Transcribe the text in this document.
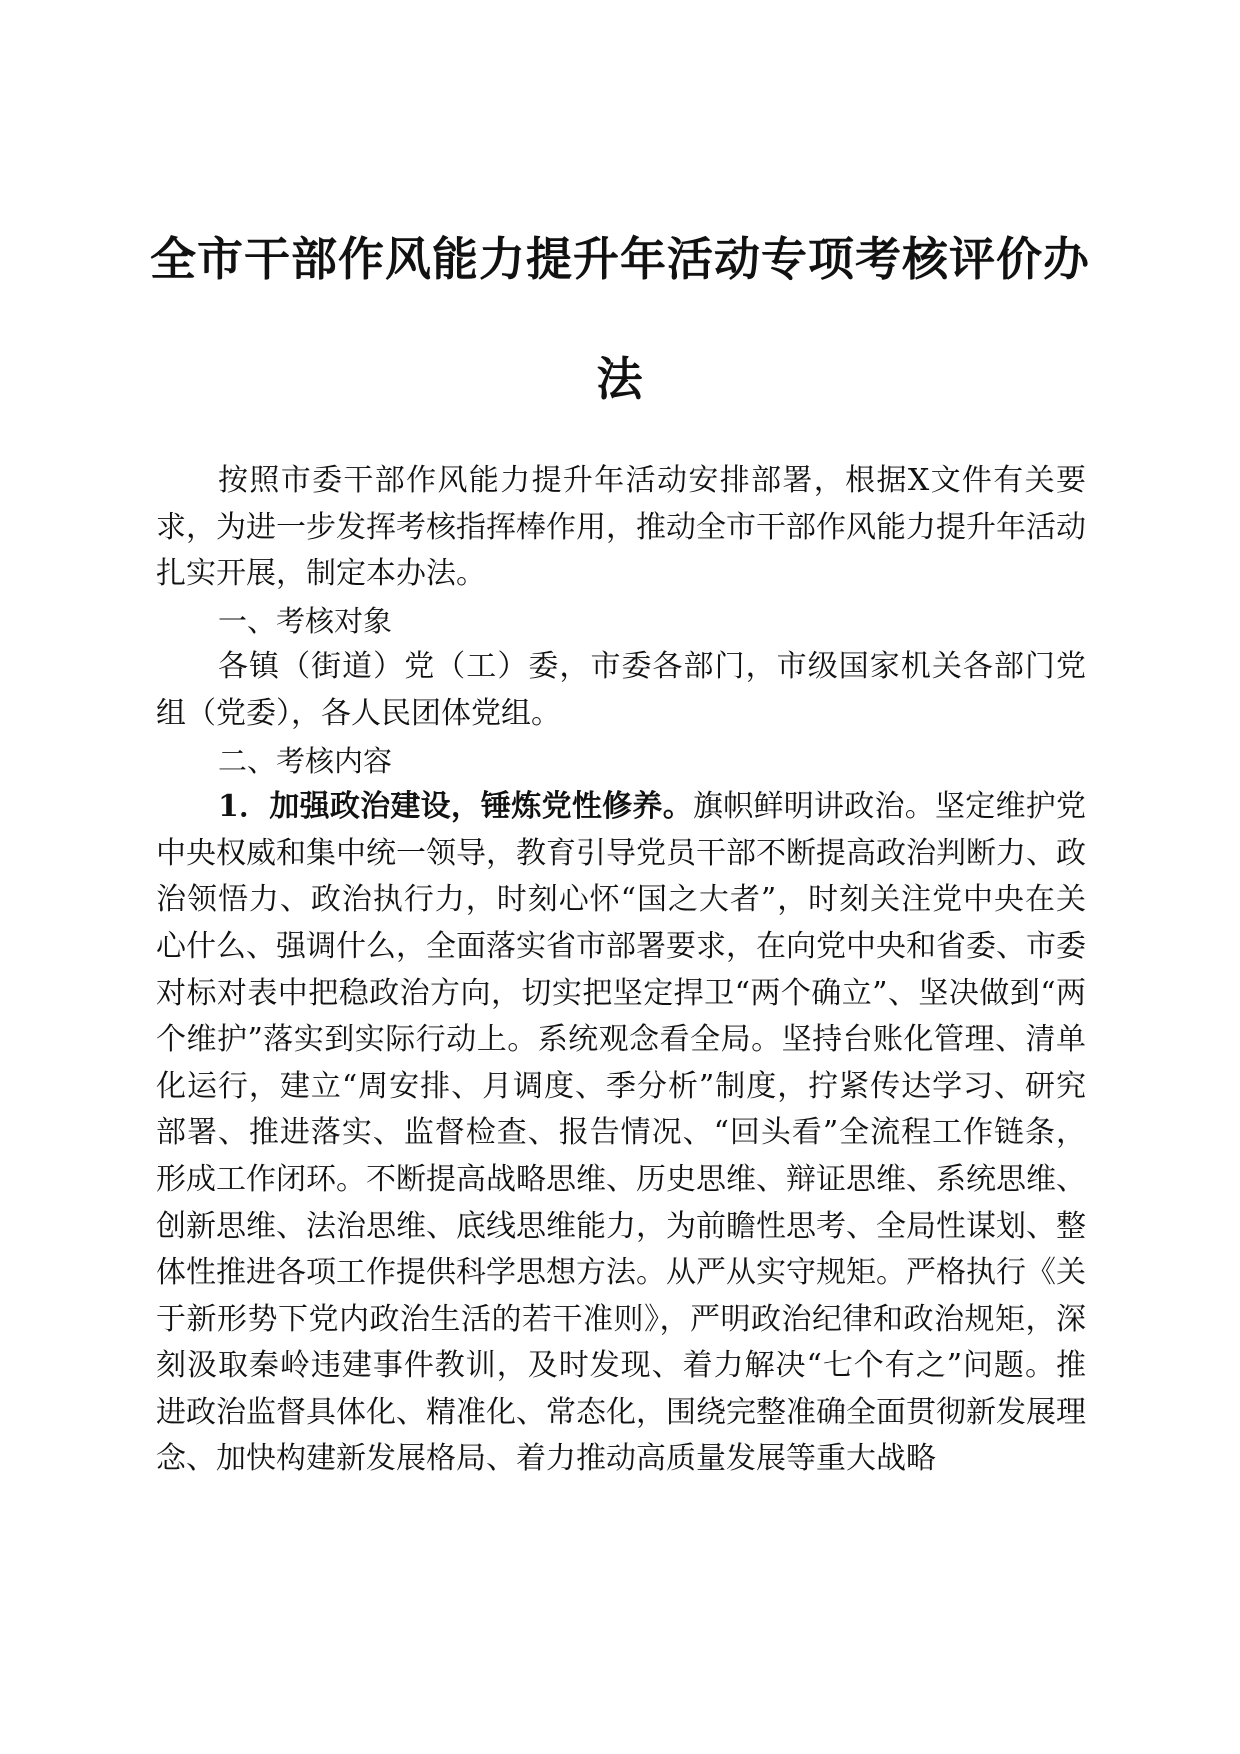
全市干部作风能力提升年活动专项考核评价办
法

按照市委干部作风能力提升年活动安排部署，根据X文件有关要求，为进一步发挥考核指挥棒作用，推动全市干部作风能力提升年活动扎实开展，制定本办法。

一、考核对象

各镇（街道）党（工）委，市委各部门，市级国家机关各部门党组（党委），各人民团体党组。

二、考核内容

1．加强政治建设，锤炼党性修养。旗帜鲜明讲政治。坚定维护党中央权威和集中统一领导，教育引导党员干部不断提高政治判断力、政治领悟力、政治执行力，时刻心怀“国之大者”，时刻关注党中央在关心什么、强调什么，全面落实省市部署要求，在向党中央和省委、市委对标对表中把稳政治方向，切实把坚定捍卫“两个确立”、坚决做到“两个维护”落实到实际行动上。系统观念看全局。坚持台账化管理、清单化运行，建立“周安排、月调度、季分析”制度，拧紧传达学习、研究部署、推进落实、监督检查、报告情况、“回头看”全流程工作链条，形成工作闭环。不断提高战略思维、历史思维、辩证思维、系统思维、创新思维、法治思维、底线思维能力，为前瞻性思考、全局性谋划、整体性推进各项工作提供科学思想方法。从严从实守规矩。严格执行《关于新形势下党内政治生活的若干准则》，严明政治纪律和政治规矩，深刻汲取秦岭违建事件教训，及时发现、着力解决“七个有之”问题。推进政治监督具体化、精准化、常态化，围绕完整准确全面贯彻新发展理念、加快构建新发展格局、着力推动高质量发展等重大战略
